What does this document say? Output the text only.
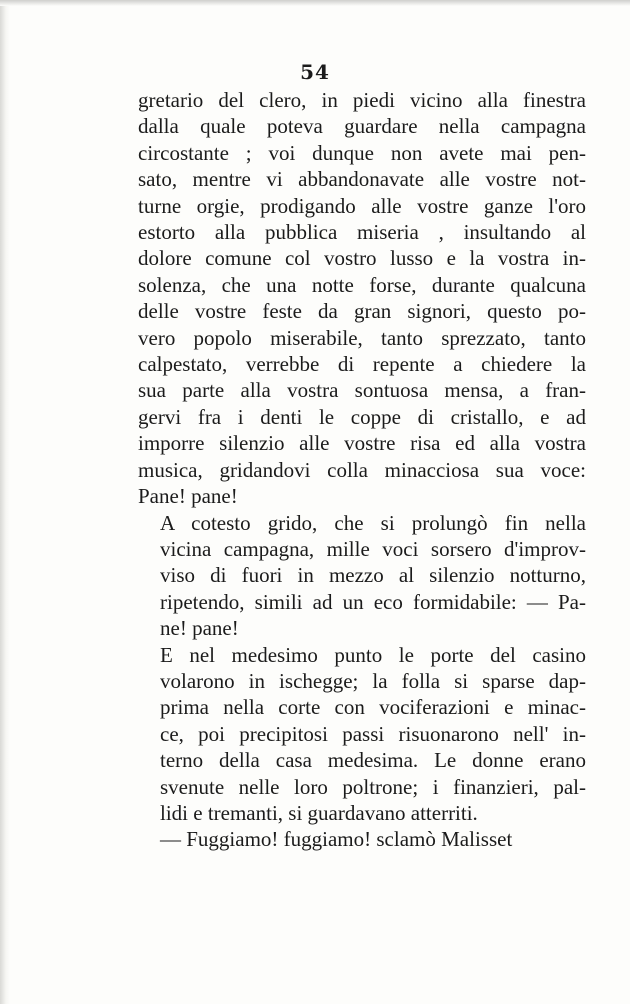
54

gretario del clero, in piedi vicino alla finestra
dalla quale poteva guardare nella campagna
circostante ; voi dunque non avete mai pen-
sato, mentre vi abbandonavate alle vostre not-
turne orgie, prodigando alle vostre ganze l'oro
estorto alla pubblica miseria , insultando al
dolore comune col vostro lusso e la vostra in-
solenza, che una notte forse, durante qualcuna
delle vostre feste da gran signori, questo po-
vero popolo miserabile, tanto sprezzato, tanto
calpestato, verrebbe di repente a chiedere la
sua parte alla vostra sontuosa mensa, a fran-
gervi fra i denti le coppe di cristallo, e ad
imporre silenzio alle vostre risa ed alla vostra
musica, gridandovi colla minacciosa sua voce:
Pane! pane!

A cotesto grido, che si prolungò fin nella
vicina campagna, mille voci sorsero d'improv-
viso di fuori in mezzo al silenzio notturno,
ripetendo, simili ad un eco formidabile: — Pa-
ne! pane!

E nel medesimo punto le porte del casino
volarono in ischegge; la folla si sparse dap-
prima nella corte con vociferazioni e minac-
ce, poi precipitosi passi risuonarono nell' in-
terno della casa medesima. Le donne erano
svenute nelle loro poltrone; i finanzieri, pal-
lidi e tremanti, si guardavano atterriti.

— Fuggiamo! fuggiamo! sclamò Malisset
